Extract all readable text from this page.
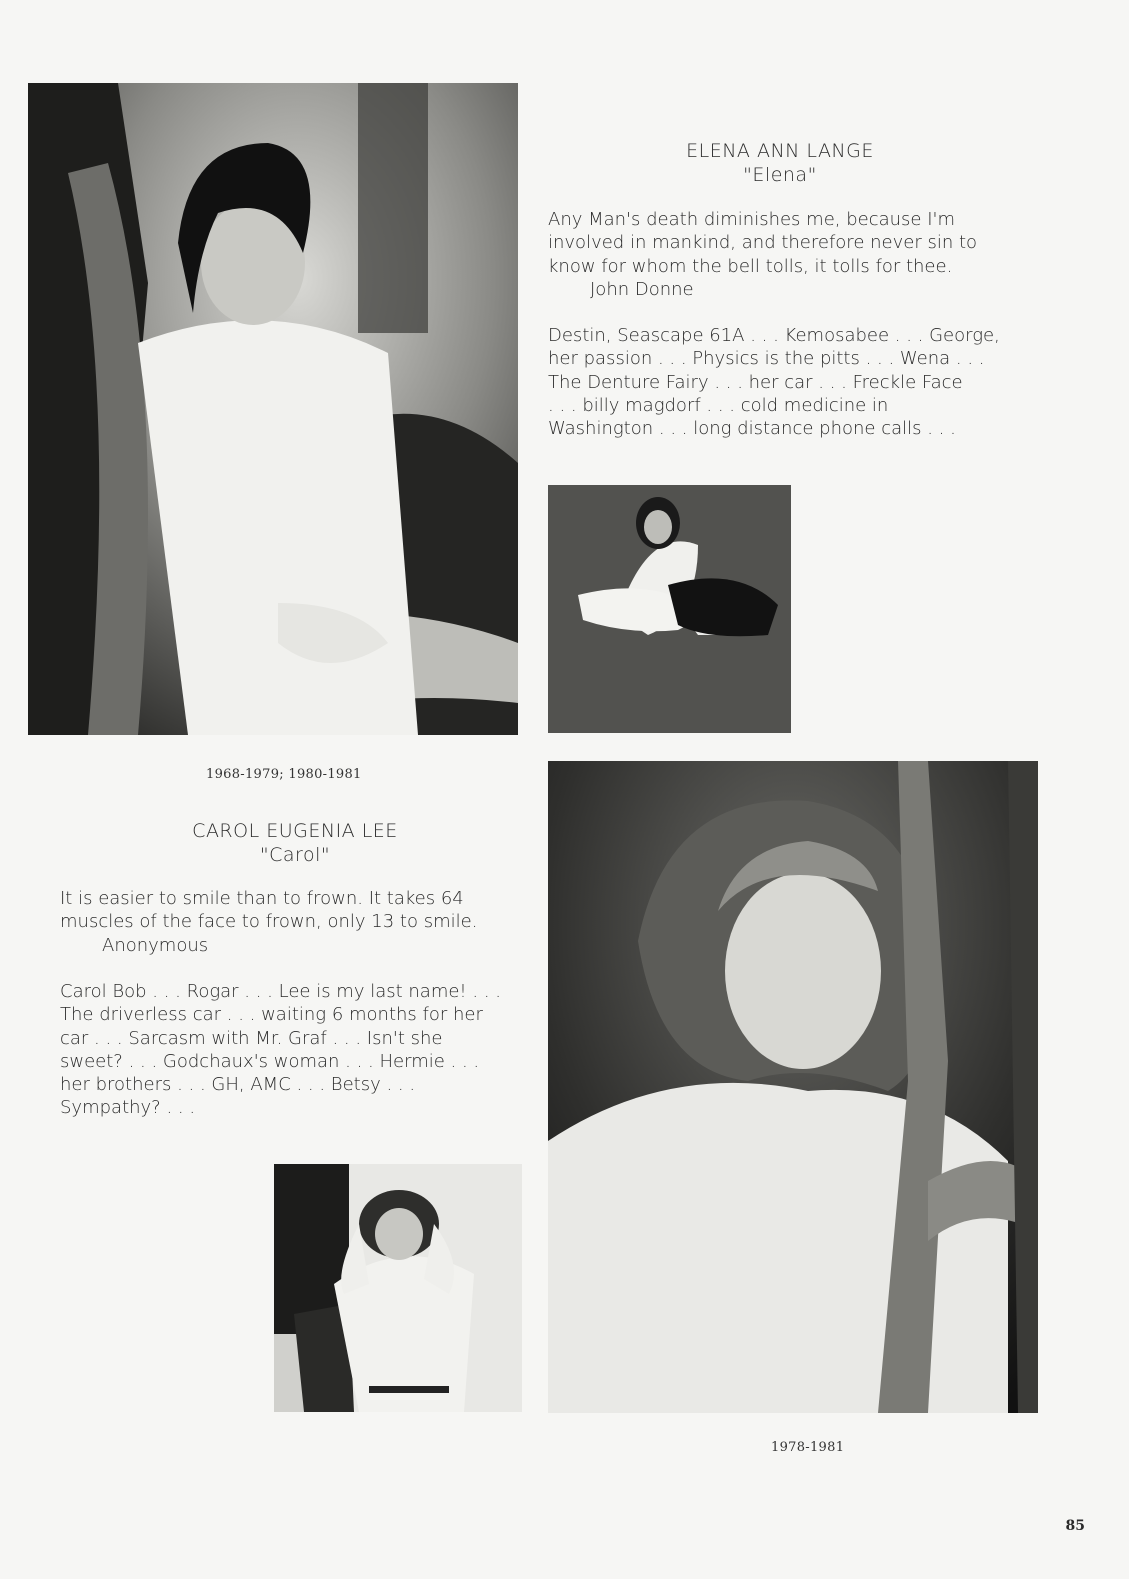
ELENA ANN LANGE
"Elena"
Any Man's death diminishes me, because I'm
involved in mankind, and therefore never sin to
know for whom the bell tolls, it tolls for thee.
John Donne
Destin, Seascape 61A . . . Kemosabee . . . George,
her passion . . . Physics is the pitts . . . Wena . . .
The Denture Fairy . . . her car . . . Freckle Face
. . . billy magdorf . . . cold medicine in
Washington . . . long distance phone calls . . .
1968-1979; 1980-1981
CAROL EUGENIA LEE
"Carol"
It is easier to smile than to frown. It takes 64
muscles of the face to frown, only 13 to smile.
Anonymous
Carol Bob . . . Rogar . . . Lee is my last name! . . .
The driverless car . . . waiting 6 months for her
car . . . Sarcasm with Mr. Graf . . . Isn't she
sweet? . . . Godchaux's woman . . . Hermie . . .
her brothers . . . GH, AMC . . . Betsy . . .
Sympathy? . . .
1978-1981
85
